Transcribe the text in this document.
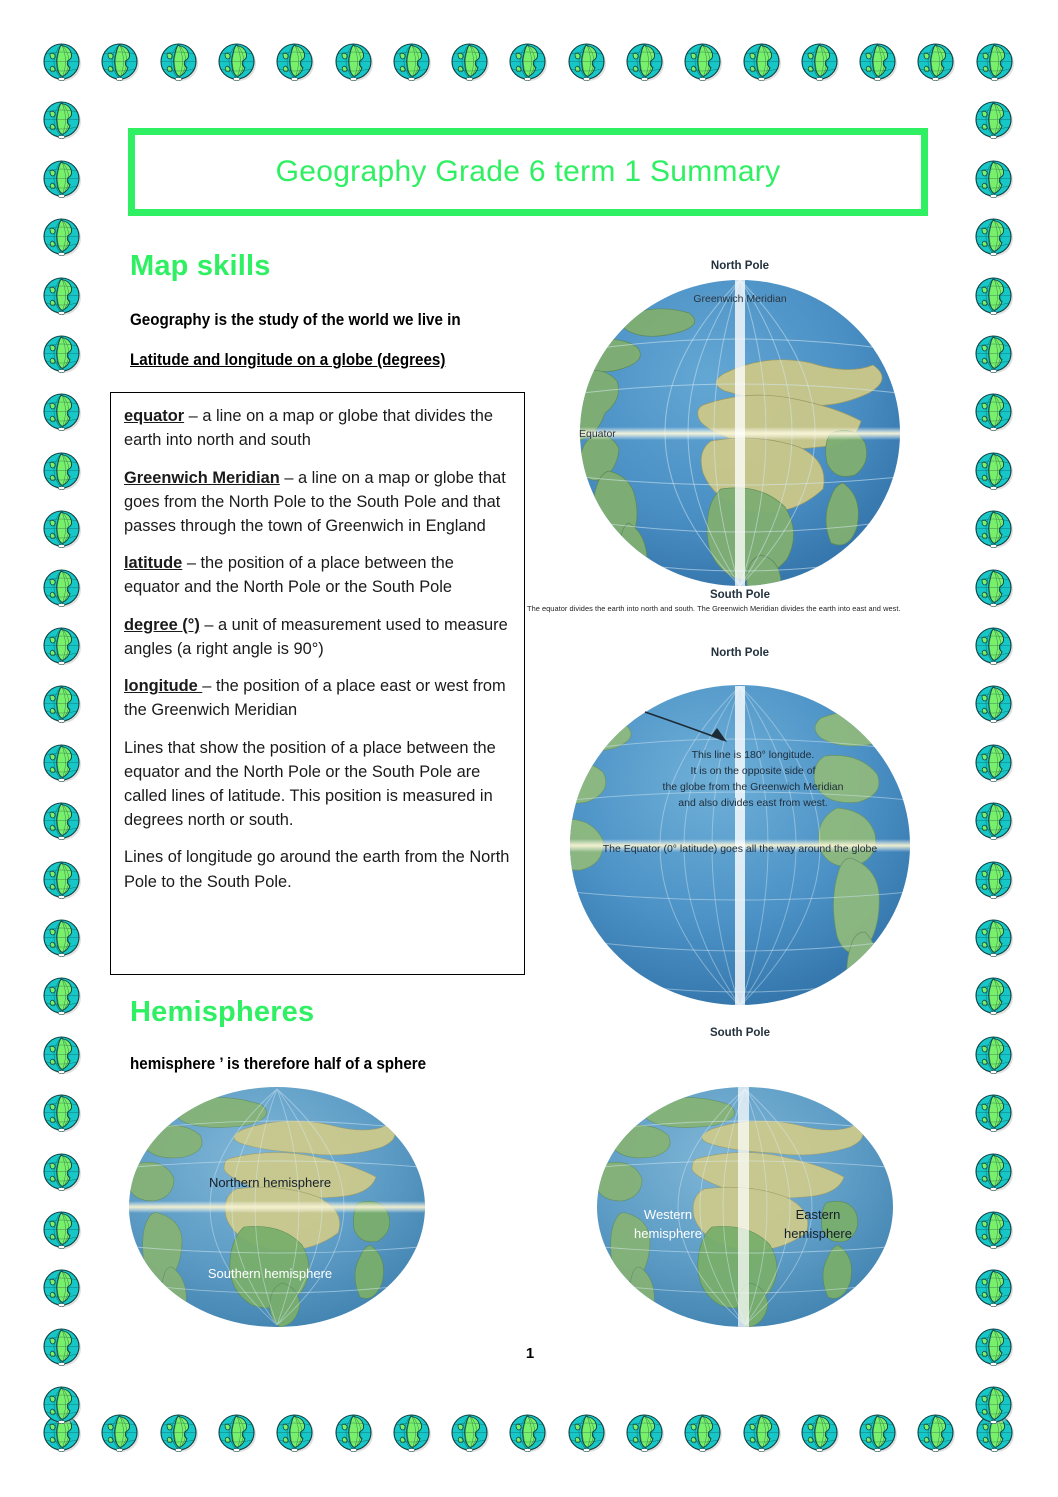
Geography Grade 6 term 1 Summary
Map skills
Geography is the study of the world we live in
Latitude and longitude on a globe (degrees)

equator – a line on a map or globe that divides the earth into north and south

Greenwich Meridian – a line on a map or globe that goes from the North Pole to the South Pole and that passes through the town of Greenwich in England

latitude – the position of a place between the equator and the North Pole or the South Pole

degree (°) – a unit of measurement used to measure angles (a right angle is 90°)

longitude – the position of a place east or west from the Greenwich Meridian

Lines that show the position of a place between the equator and the North Pole or the South Pole are called lines of latitude. This position is measured in degrees north or south.

Lines of longitude go around the earth from the North Pole to the South Pole.

North Pole
Greenwich Meridian
Equator
South Pole
The equator divides the earth into north and south. The Greenwich Meridian divides the earth into east and west.
North Pole
This line is 180° longitude.
It is on the opposite side of
the globe from the Greenwich Meridian
and also divides east from west.
The Equator (0° latitude) goes all the way around the globe
South Pole
Hemispheres
hemisphere ’ is therefore half of a sphere
Northern hemisphere
Southern hemisphere
Western
hemisphere
Eastern
hemisphere
1
